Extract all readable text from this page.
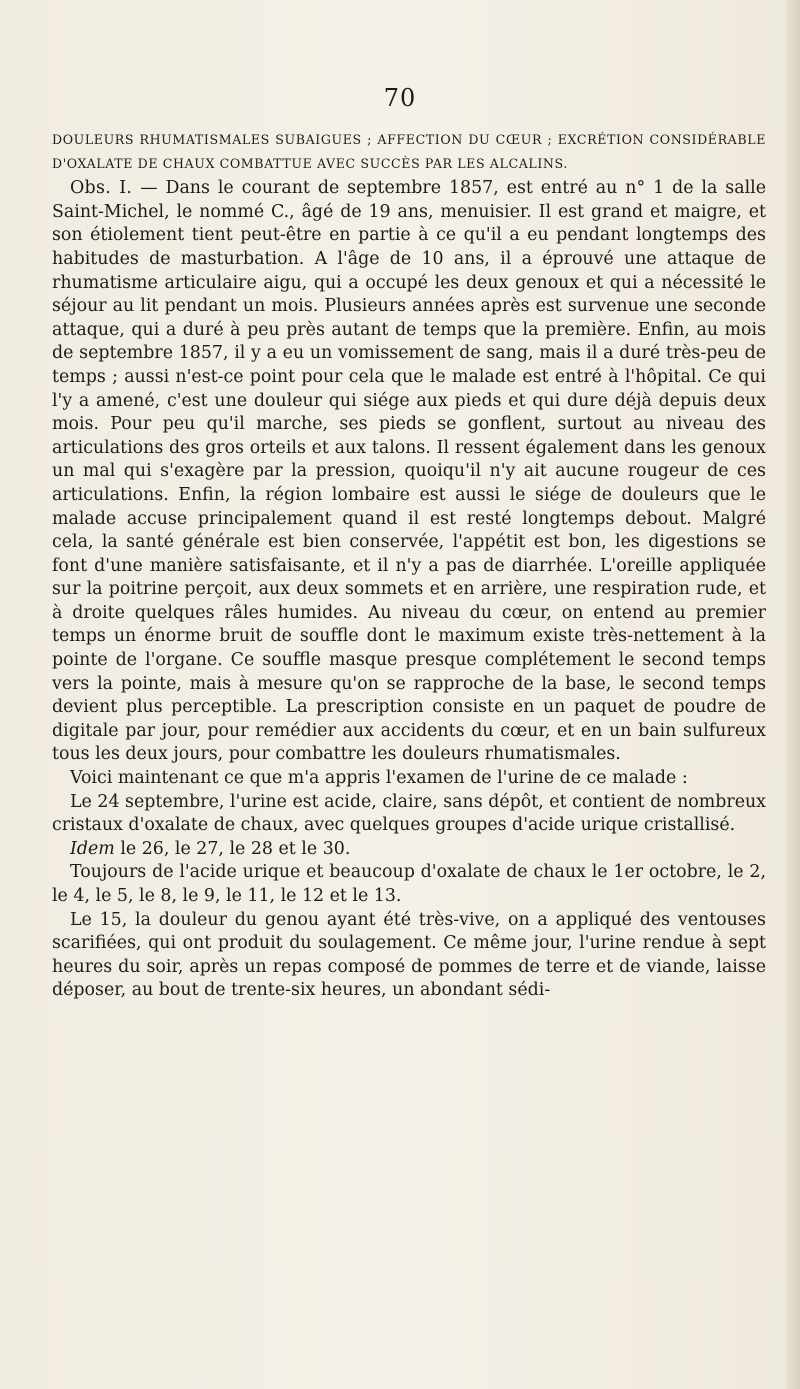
70

DOULEURS RHUMATISMALES SUBAIGUES ; AFFECTION DU CŒUR ; EXCRÉTION CONSIDÉRABLE D'OXALATE DE CHAUX COMBATTUE AVEC SUCCÈS PAR LES ALCALINS.

Obs. I. — Dans le courant de septembre 1857, est entré au n° 1 de la salle Saint-Michel, le nommé C., âgé de 19 ans, menuisier. Il est grand et maigre, et son étiolement tient peut-être en partie à ce qu'il a eu pendant longtemps des habitudes de masturbation. A l'âge de 10 ans, il a éprouvé une attaque de rhumatisme articulaire aigu, qui a occupé les deux genoux et qui a nécessité le séjour au lit pendant un mois. Plusieurs années après est survenue une seconde attaque, qui a duré à peu près autant de temps que la première. Enfin, au mois de septembre 1857, il y a eu un vomissement de sang, mais il a duré très-peu de temps ; aussi n'est-ce point pour cela que le malade est entré à l'hôpital. Ce qui l'y a amené, c'est une douleur qui siége aux pieds et qui dure déjà depuis deux mois. Pour peu qu'il marche, ses pieds se gonflent, surtout au niveau des articulations des gros orteils et aux talons. Il ressent également dans les genoux un mal qui s'exagère par la pression, quoiqu'il n'y ait aucune rougeur de ces articulations. Enfin, la région lombaire est aussi le siége de douleurs que le malade accuse principalement quand il est resté longtemps debout. Malgré cela, la santé générale est bien conservée, l'appétit est bon, les digestions se font d'une manière satisfaisante, et il n'y a pas de diarrhée. L'oreille appliquée sur la poitrine perçoit, aux deux sommets et en arrière, une respiration rude, et à droite quelques râles humides. Au niveau du cœur, on entend au premier temps un énorme bruit de souffle dont le maximum existe très-nettement à la pointe de l'organe. Ce souffle masque presque complétement le second temps vers la pointe, mais à mesure qu'on se rapproche de la base, le second temps devient plus perceptible. La prescription consiste en un paquet de poudre de digitale par jour, pour remédier aux accidents du cœur, et en un bain sulfureux tous les deux jours, pour combattre les douleurs rhumatismales.

Voici maintenant ce que m'a appris l'examen de l'urine de ce malade :

Le 24 septembre, l'urine est acide, claire, sans dépôt, et contient de nombreux cristaux d'oxalate de chaux, avec quelques groupes d'acide urique cristallisé.

Idem le 26, le 27, le 28 et le 30.

Toujours de l'acide urique et beaucoup d'oxalate de chaux le 1er octobre, le 2, le 4, le 5, le 8, le 9, le 11, le 12 et le 13.

Le 15, la douleur du genou ayant été très-vive, on a appliqué des ventouses scarifiées, qui ont produit du soulagement. Ce même jour, l'urine rendue à sept heures du soir, après un repas composé de pommes de terre et de viande, laisse déposer, au bout de trente-six heures, un abondant sédi-
